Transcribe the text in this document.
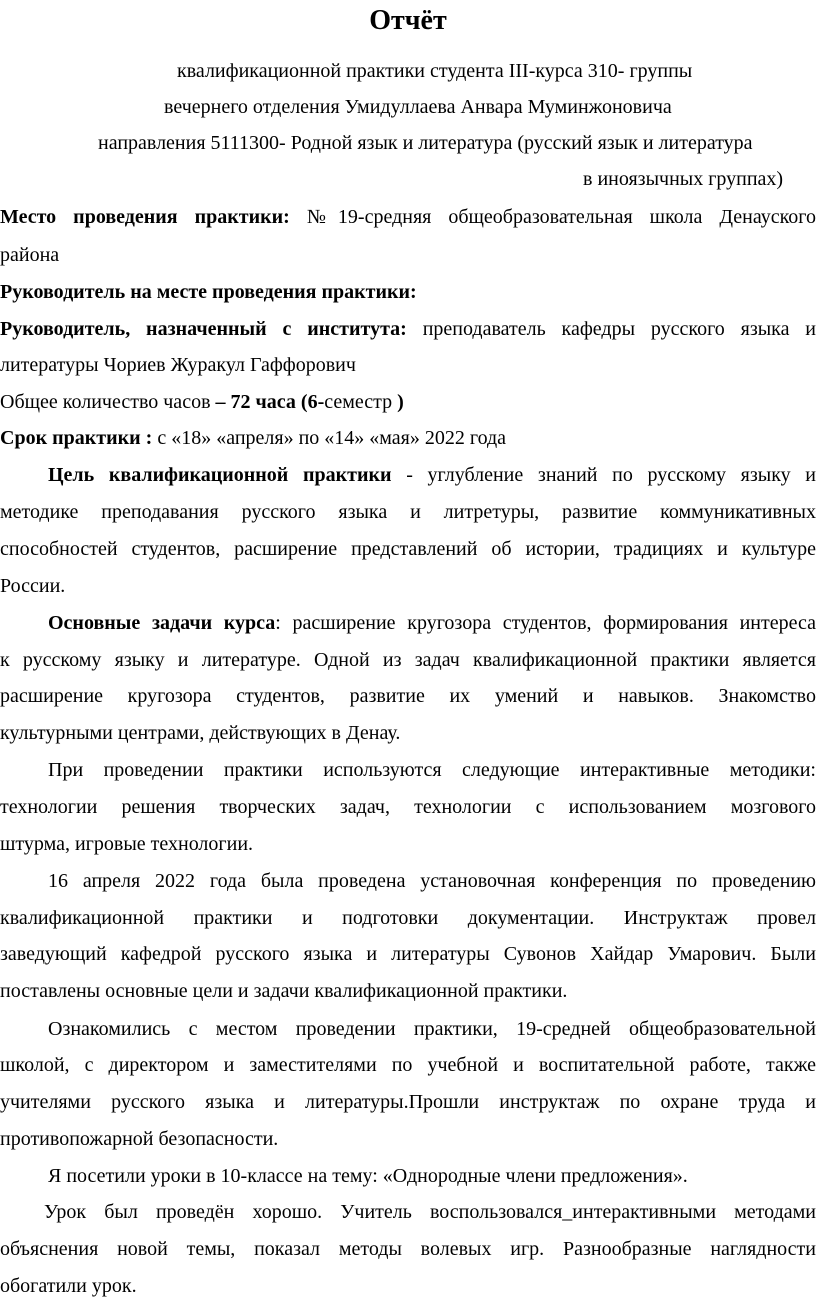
Отчёт
квалификационной практики студента III-курса 310- группы
вечернего отделения Умидуллаева Анвара Муминжоновича
направления 5111300- Родной язык и литература (русский язык и литература
в иноязычных группах)
Место проведения практики: №19-средняя общеобразовательная школа Денауского
района
Руководитель на месте проведения практики:
Руководитель, назначенный с института: преподаватель кафедры русского языка и
литературы Чориев Журакул Гаффорович
Общее количество часов – 72 часа (6-семестр )
Срок практики : с «18» «апреля» по «14» «мая» 2022 года
Цель квалификационной практики - углубление знаний по русскому языку и
методике преподавания русского языка и литретуры, развитие коммуникативных
способностей студентов, расширение представлений об истории, традициях и культуре
России.
Основные задачи курса: расширение кругозора студентов, формирования интереса
к русскому языку и литературе. Одной из задач квалификационной практики является
расширение кругозора студентов, развитие их умений и навыков. Знакомство
культурными центрами, действующих в Денау.
При проведении практики используются следующие интерактивные методики:
технологии решения творческих задач, технологии с использованием мозгового
штурма, игровые технологии.
16 апреля 2022 года была проведена установочная конференция по проведению
квалификационной практики и подготовки документации. Инструктаж провел
заведующий кафедрой русского языка и литературы Сувонов Хайдар Умарович. Были
поставлены основные цели и задачи квалификационной практики.
Ознакомились с местом проведении практики, 19-средней общеобразовательной
школой, с директором и заместителями по учебной и воспитательной работе, также
учителями русского языка и литературы.Прошли инструктаж по охране труда и
противопожарной безопасности.
Я посетили уроки в 10-классе на тему: «Однородные члени предложения».
Урок был проведён хорошо. Учитель воспользовался_интерактивными методами
объяснения новой темы, показал методы волевых игр. Разнообразные наглядности
обогатили урок.
